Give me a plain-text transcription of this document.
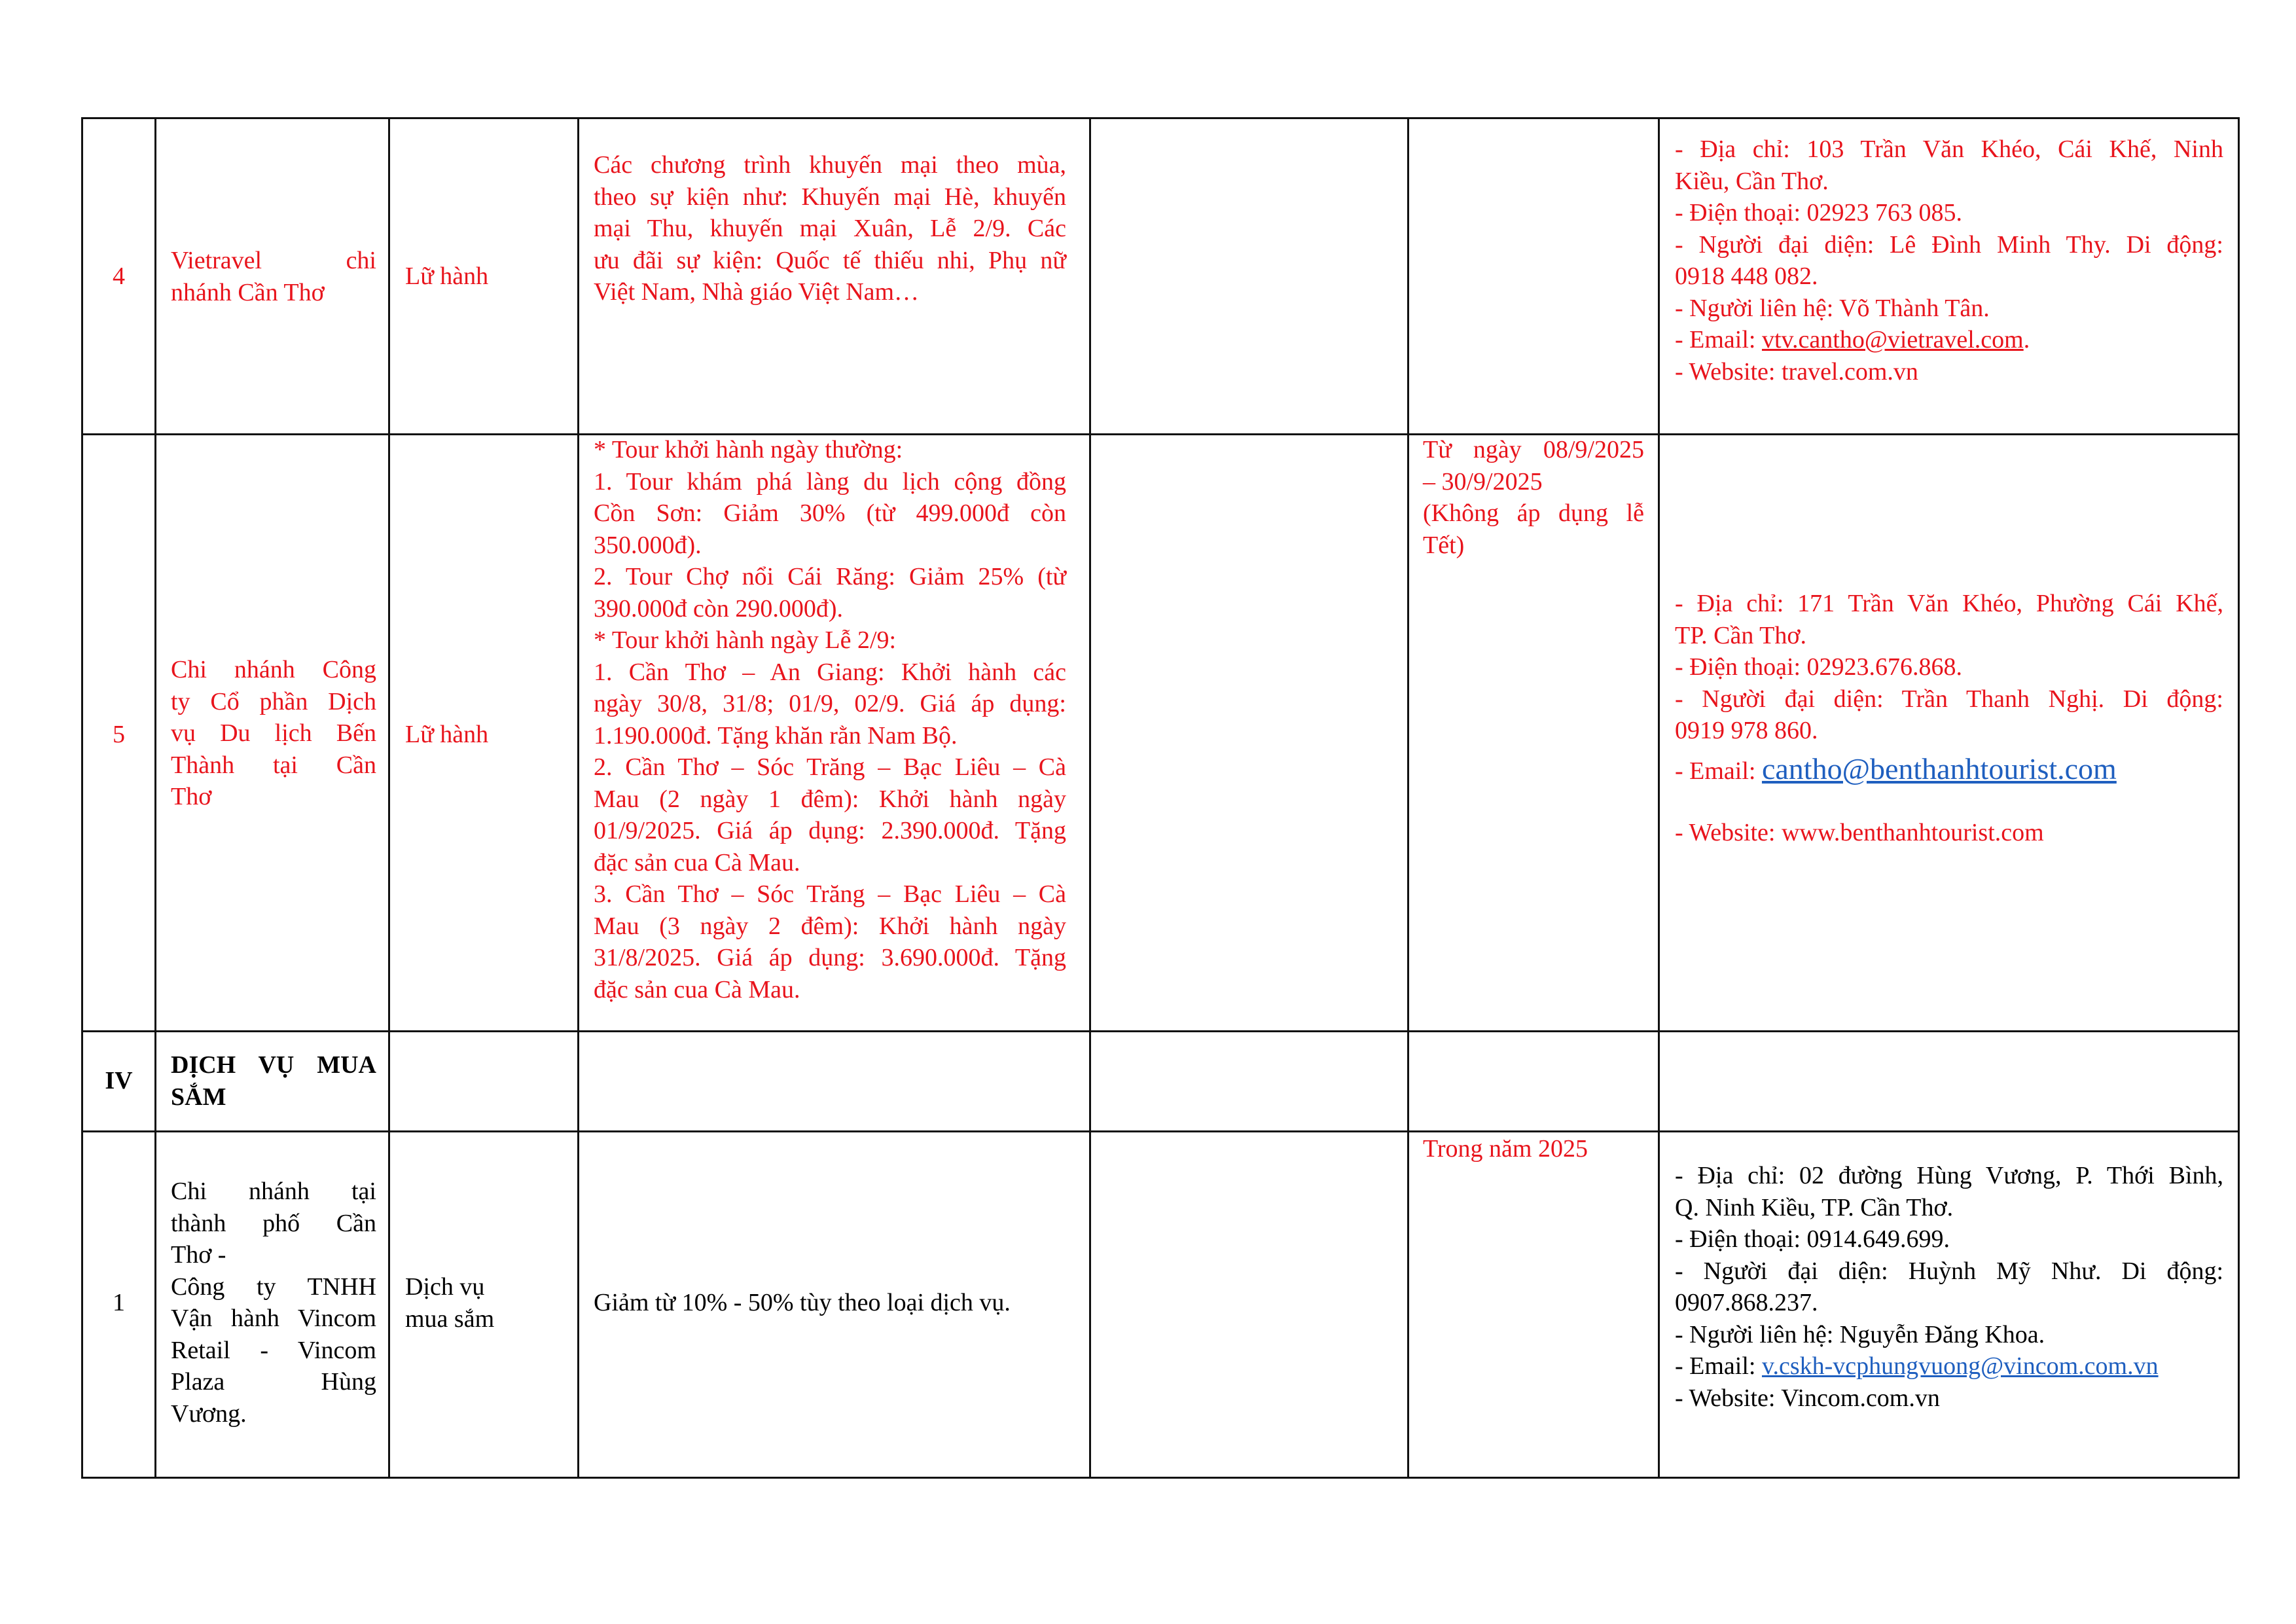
4
Vietravel chi
nhánh Cần Thơ
Lữ hành
Các chương trình khuyến mại theo mùa,
theo sự kiện như: Khuyến mại Hè, khuyến
mại Thu, khuyến mại Xuân, Lễ 2/9. Các
ưu đãi sự kiện: Quốc tế thiếu nhi, Phụ nữ
Việt Nam, Nhà giáo Việt Nam…
- Địa chỉ: 103 Trần Văn Khéo, Cái Khế, Ninh
Kiều, Cần Thơ.
- Điện thoại: 02923 763 085.
- Người đại diện: Lê Đình Minh Thy. Di động:
0918 448 082.
- Người liên hệ: Võ Thành Tân.
- Email: vtv.cantho@vietravel.com.
- Website: travel.com.vn
5
Chi nhánh Công
ty Cổ phần Dịch
vụ Du lịch Bến
Thành tại Cần
Thơ
Lữ hành
* Tour khởi hành ngày thường:
1. Tour khám phá làng du lịch cộng đồng
Cồn Sơn: Giảm 30% (từ 499.000đ còn
350.000đ).
2. Tour Chợ nổi Cái Răng: Giảm 25% (từ
390.000đ còn 290.000đ).
* Tour khởi hành ngày Lễ 2/9:
1. Cần Thơ – An Giang: Khởi hành các
ngày 30/8, 31/8; 01/9, 02/9. Giá áp dụng:
1.190.000đ. Tặng khăn rằn Nam Bộ.
2. Cần Thơ – Sóc Trăng – Bạc Liêu – Cà
Mau (2 ngày 1 đêm): Khởi hành ngày
01/9/2025. Giá áp dụng: 2.390.000đ. Tặng
đặc sản cua Cà Mau.
3. Cần Thơ – Sóc Trăng – Bạc Liêu – Cà
Mau (3 ngày 2 đêm): Khởi hành ngày
31/8/2025. Giá áp dụng: 3.690.000đ. Tặng
đặc sản cua Cà Mau.
Từ ngày 08/9/2025
– 30/9/2025
(Không áp dụng lễ
Tết)
- Địa chỉ: 171 Trần Văn Khéo, Phường Cái Khế,
TP. Cần Thơ.
- Điện thoại: 02923.676.868.
- Người đại diện: Trần Thanh Nghị. Di động:
0919 978 860.
- Email: cantho@benthanhtourist.com
- Website: www.benthanhtourist.com
IV
DỊCH VỤ MUA
SẮM
1
Chi nhánh tại
thành phố Cần
Thơ -
Công ty TNHH
Vận hành Vincom
Retail - Vincom
Plaza Hùng
Vương.
Dịch vụ
mua sắm
Giảm từ 10% - 50% tùy theo loại dịch vụ.
Trong năm 2025
- Địa chỉ: 02 đường Hùng Vương, P. Thới Bình,
Q. Ninh Kiều, TP. Cần Thơ.
- Điện thoại: 0914.649.699.
- Người đại diện: Huỳnh Mỹ Như. Di động:
0907.868.237.
- Người liên hệ: Nguyễn Đăng Khoa.
- Email: v.cskh-vcphungvuong@vincom.com.vn
- Website: Vincom.com.vn
